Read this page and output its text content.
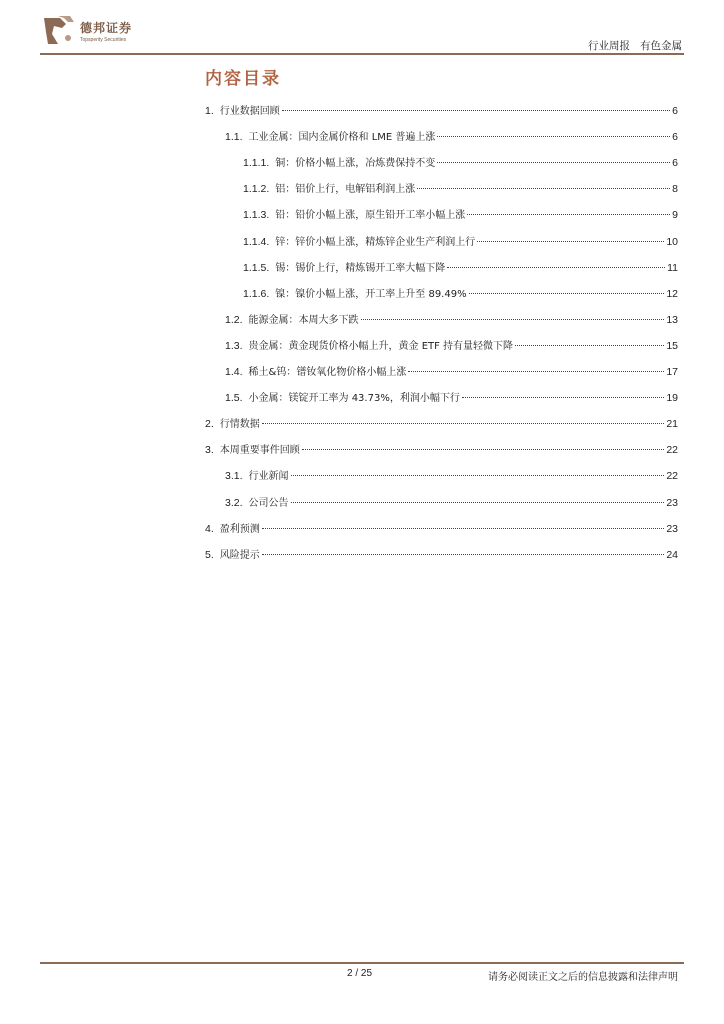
德邦证券
Topsperity Securities	行业周报 有色金属
内容目录
1. 行业数据回顾	6
1.1. 工业金属：国内金属价格和 LME 普遍上涨	6
1.1.1. 铜：价格小幅上涨，冶炼费保持不变	6
1.1.2. 铝：铝价上行，电解铝利润上涨	8
1.1.3. 铅：铅价小幅上涨，原生铅开工率小幅上涨	9
1.1.4. 锌：锌价小幅上涨，精炼锌企业生产利润上行	10
1.1.5. 锡：锡价上行，精炼锡开工率大幅下降	11
1.1.6. 镍：镍价小幅上涨，开工率上升至 89.49%	12
1.2. 能源金属：本周大多下跌	13
1.3. 贵金属：黄金现货价格小幅上升，黄金 ETF 持有量轻微下降	15
1.4. 稀土&钨：镨钕氧化物价格小幅上涨	17
1.5. 小金属：镁锭开工率为 43.73%，利润小幅下行	19
2. 行情数据	21
3. 本周重要事件回顾	22
3.1. 行业新闻	22
3.2. 公司公告	23
4. 盈利预测	23
5. 风险提示	24
2 / 25	请务必阅读正文之后的信息披露和法律声明
